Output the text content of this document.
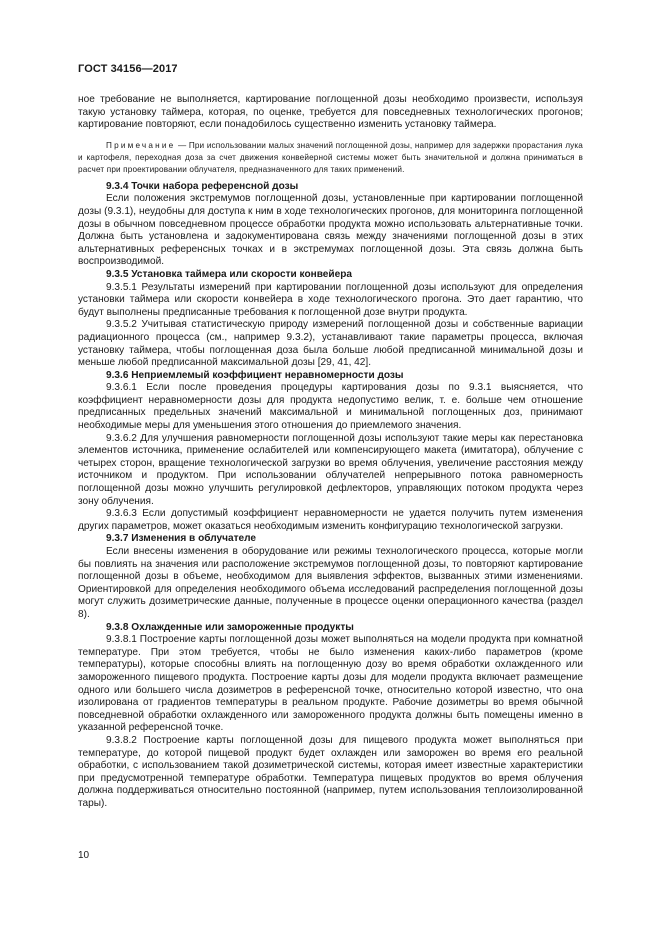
ГОСТ 34156—2017

ное требование не выполняется, картирование поглощенной дозы необходимо произвести, используя такую установку таймера, которая, по оценке, требуется для повседневных технологических прогонов; картирование повторяют, если понадобилось существенно изменить установку таймера.

Примечание — При использовании малых значений поглощенной дозы, например для задержки прорастания лука и картофеля, переходная доза за счет движения конвейерной системы может быть значительной и должна приниматься в расчет при проектировании облучателя, предназначенного для таких применений.

9.3.4 Точки набора референсной дозы

Если положения экстремумов поглощенной дозы, установленные при картировании поглощенной дозы (9.3.1), неудобны для доступа к ним в ходе технологических прогонов, для мониторинга поглощенной дозы в обычном повседневном процессе обработки продукта можно использовать альтернативные точки. Должна быть установлена и задокументирована связь между значениями поглощенной дозы в этих альтернативных референсных точках и в экстремумах поглощенной дозы. Эта связь должна быть воспроизводимой.

9.3.5 Установка таймера или скорости конвейера

9.3.5.1 Результаты измерений при картировании поглощенной дозы используют для определения установки таймера или скорости конвейера в ходе технологического прогона. Это дает гарантию, что будут выполнены предписанные требования к поглощенной дозе внутри продукта.

9.3.5.2 Учитывая статистическую природу измерений поглощенной дозы и собственные вариации радиационного процесса (см., например 9.3.2), устанавливают такие параметры процесса, включая установку таймера, чтобы поглощенная доза была больше любой предписанной минимальной дозы и меньше любой предписанной максимальной дозы [29, 41, 42].

9.3.6 Неприемлемый коэффициент неравномерности дозы

9.3.6.1 Если после проведения процедуры картирования дозы по 9.3.1 выясняется, что коэффициент неравномерности дозы для продукта недопустимо велик, т. е. больше чем отношение предписанных предельных значений максимальной и минимальной поглощенных доз, принимают необходимые меры для уменьшения этого отношения до приемлемого значения.

9.3.6.2 Для улучшения равномерности поглощенной дозы используют такие меры как перестановка элементов источника, применение ослабителей или компенсирующего макета (имитатора), облучение с четырех сторон, вращение технологической загрузки во время облучения, увеличение расстояния между источником и продуктом. При использовании облучателей непрерывного потока равномерность поглощенной дозы можно улучшить регулировкой дефлекторов, управляющих потоком продукта через зону облучения.

9.3.6.3 Если допустимый коэффициент неравномерности не удается получить путем изменения других параметров, может оказаться необходимым изменить конфигурацию технологической загрузки.

9.3.7 Изменения в облучателе

Если внесены изменения в оборудование или режимы технологического процесса, которые могли бы повлиять на значения или расположение экстремумов поглощенной дозы, то повторяют картирование поглощенной дозы в объеме, необходимом для выявления эффектов, вызванных этими изменениями. Ориентировкой для определения необходимого объема исследований распределения поглощенной дозы могут служить дозиметрические данные, полученные в процессе оценки операционного качества (раздел 8).

9.3.8 Охлажденные или замороженные продукты

9.3.8.1 Построение карты поглощенной дозы может выполняться на модели продукта при комнатной температуре. При этом требуется, чтобы не было изменения каких-либо параметров (кроме температуры), которые способны влиять на поглощенную дозу во время обработки охлажденного или замороженного пищевого продукта. Построение карты дозы для модели продукта включает размещение одного или большего числа дозиметров в референсной точке, относительно которой известно, что она изолирована от градиентов температуры в реальном продукте. Рабочие дозиметры во время обычной повседневной обработки охлажденного или замороженного продукта должны быть помещены именно в указанной референсной точке.

9.3.8.2 Построение карты поглощенной дозы для пищевого продукта может выполняться при температуре, до которой пищевой продукт будет охлажден или заморожен во время его реальной обработки, с использованием такой дозиметрической системы, которая имеет известные характеристики при предусмотренной температуре обработки. Температура пищевых продуктов во время облучения должна поддерживаться относительно постоянной (например, путем использования теплоизолированной тары).

10
